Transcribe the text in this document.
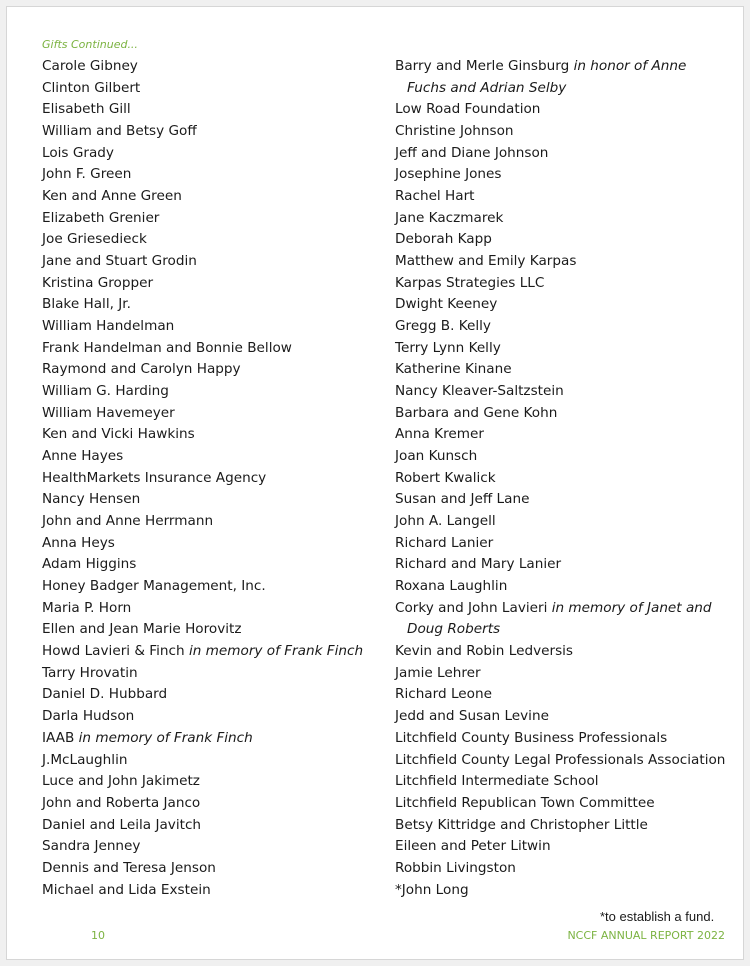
Gifts Continued...
Carole Gibney
Clinton Gilbert
Elisabeth Gill
William and Betsy Goff
Lois Grady
John F. Green
Ken and Anne Green
Elizabeth Grenier
Joe Griesedieck
Jane and Stuart Grodin
Kristina Gropper
Blake Hall, Jr.
William Handelman
Frank Handelman and Bonnie Bellow
Raymond and Carolyn Happy
William G. Harding
William Havemeyer
Ken and Vicki Hawkins
Anne Hayes
HealthMarkets Insurance Agency
Nancy Hensen
John and Anne Herrmann
Anna Heys
Adam Higgins
Honey Badger Management, Inc.
Maria P. Horn
Ellen and Jean Marie Horovitz
Howd Lavieri & Finch in memory of Frank Finch
Tarry Hrovatin
Daniel D. Hubbard
Darla Hudson
IAAB in memory of Frank Finch
J.McLaughlin
Luce and John Jakimetz
John and Roberta Janco
Daniel and Leila Javitch
Sandra Jenney
Dennis and Teresa Jenson
Michael and Lida Exstein
Barry and Merle Ginsburg in honor of Anne Fuchs and Adrian Selby
Low Road Foundation
Christine Johnson
Jeff and Diane Johnson
Josephine Jones
Rachel Hart
Jane Kaczmarek
Deborah Kapp
Matthew and Emily Karpas
Karpas Strategies LLC
Dwight Keeney
Gregg B. Kelly
Terry Lynn Kelly
Katherine Kinane
Nancy Kleaver-Saltzstein
Barbara and Gene Kohn
Anna Kremer
Joan Kunsch
Robert Kwalick
Susan and Jeff Lane
John A. Langell
Richard Lanier
Richard and Mary Lanier
Roxana Laughlin
Corky and John Lavieri in memory of Janet and Doug Roberts
Kevin and Robin Ledversis
Jamie Lehrer
Richard Leone
Jedd and Susan Levine
Litchfield County Business Professionals
Litchfield County Legal Professionals Association
Litchfield Intermediate School
Litchfield Republican Town Committee
Betsy Kittridge and Christopher Little
Eileen and Peter Litwin
Robbin Livingston
*John Long
*to establish a fund.
10	NCCF ANNUAL REPORT 2022
